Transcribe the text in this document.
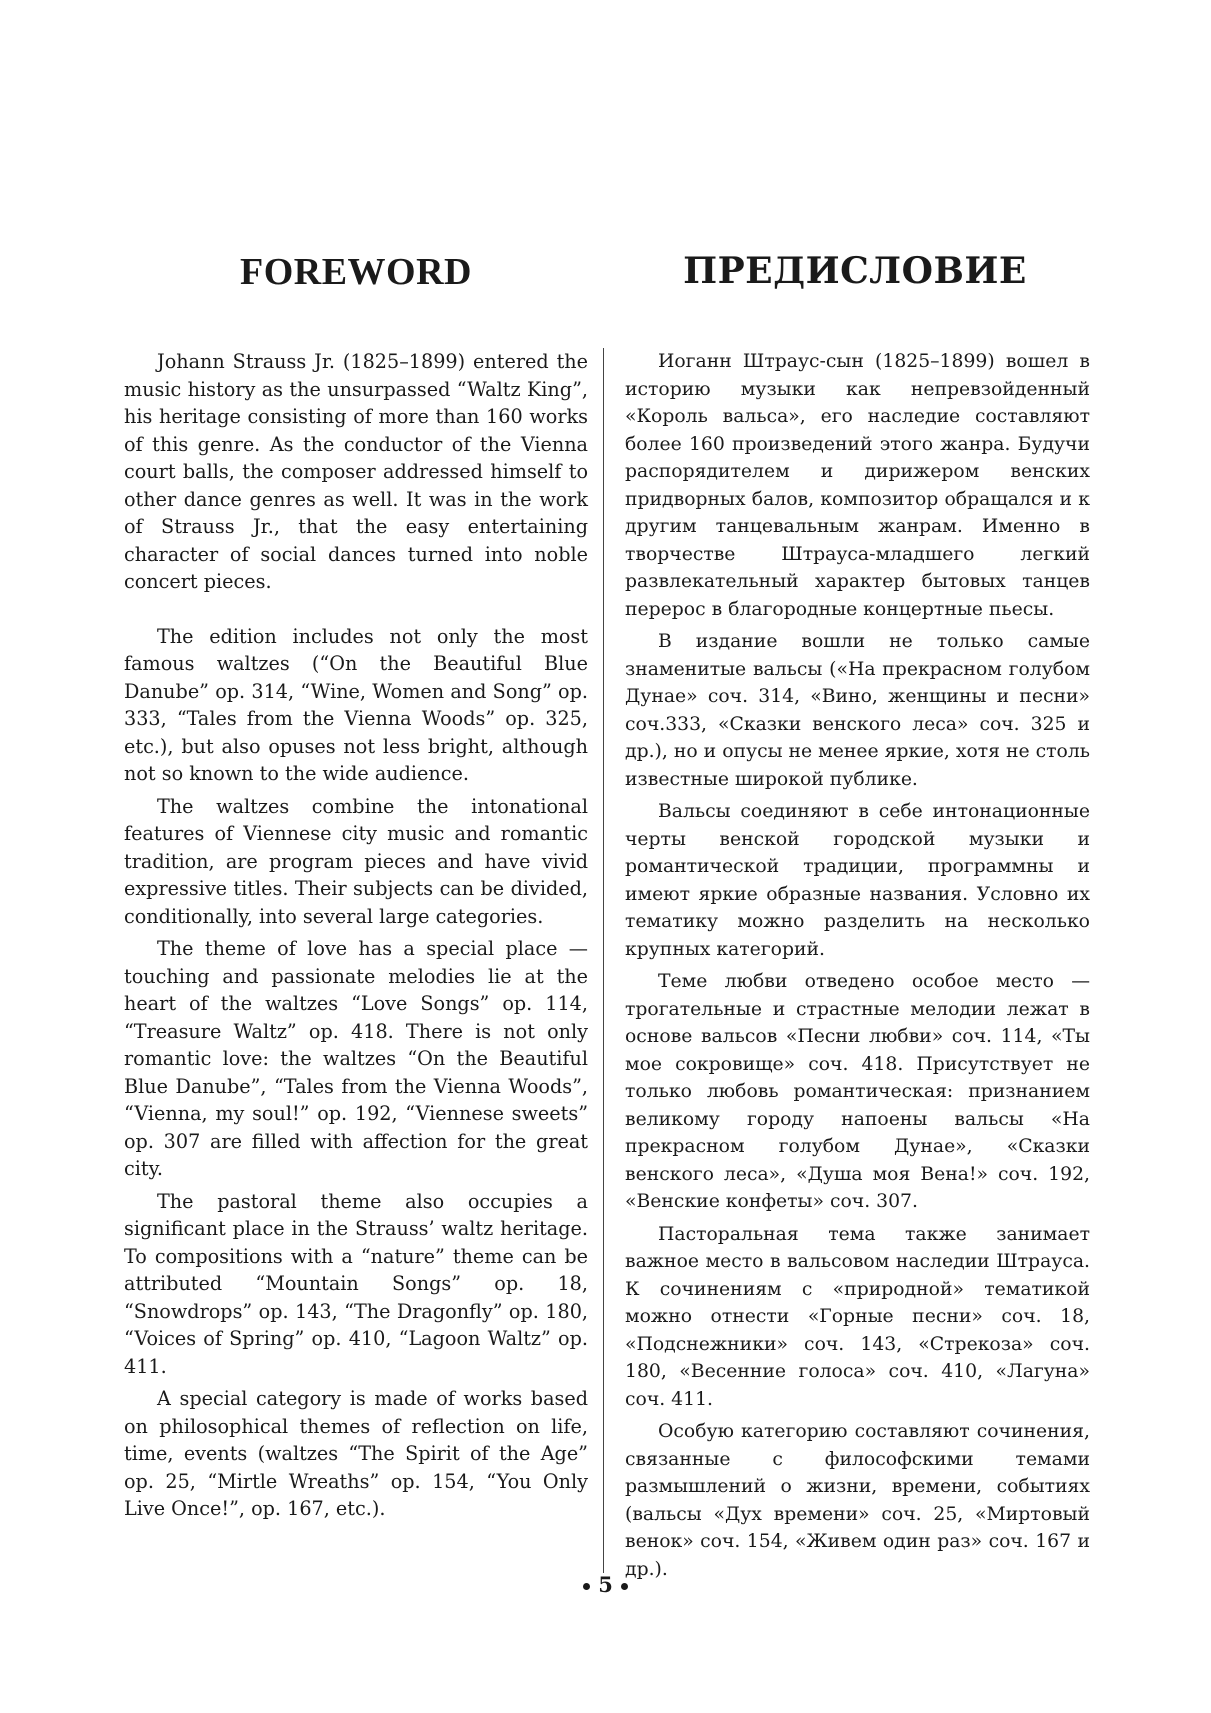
FOREWORD	ПРЕДИСЛОВИЕ

Johann Strauss Jr. (1825–1899) entered the music history as the unsurpassed “Waltz King”, his heritage consisting of more than 160 works of this genre. As the conductor of the Vienna court balls, the composer addressed himself to other dance genres as well. It was in the work of Strauss Jr., that the easy entertaining character of social dances turned into noble concert pieces.

The edition includes not only the most famous waltzes (“On the Beautiful Blue Danube” op. 314, “Wine, Women and Song” op. 333, “Tales from the Vienna Woods” op. 325, etc.), but also opuses not less bright, although not so known to the wide audience.

The waltzes combine the intonational features of Viennese city music and romantic tradition, are program pieces and have vivid expressive titles. Their subjects can be divided, conditionally, into several large categories.

The theme of love has a special place — touching and passionate melodies lie at the heart of the waltzes “Love Songs” op. 114, “Treasure Waltz” op. 418. There is not only romantic love: the waltzes “On the Beautiful Blue Danube”, “Tales from the Vienna Woods”, “Vienna, my soul!” op. 192, “Viennese sweets” op. 307 are filled with affection for the great city.

The pastoral theme also occupies a significant place in the Strauss’ waltz heritage. To compositions with a “nature” theme can be attributed “Mountain Songs” op. 18, “Snowdrops” op. 143, “The Dragonfly” op. 180, “Voices of Spring” op. 410, “Lagoon Waltz” op. 411.

A special category is made of works based on philosophical themes of reflection on life, time, events (waltzes “The Spirit of the Age” op. 25, “Mirtle Wreaths” op. 154, “You Only Live Once!”, op. 167, etc.).

Иоганн Штраус-сын (1825–1899) вошел в историю музыки как непревзойденный «Король вальса», его наследие составляют более 160 произведений этого жанра. Будучи распорядителем и дирижером венских придворных балов, композитор обращался и к другим танцевальным жанрам. Именно в творчестве Штрауса-младшего легкий развлекательный характер бытовых танцев перерос в благородные концертные пьесы.

В издание вошли не только самые знаменитые вальсы («На прекрасном голубом Дунае» соч. 314, «Вино, женщины и песни» соч.333, «Сказки венского леса» соч. 325 и др.), но и опусы не менее яркие, хотя не столь известные широкой публике.

Вальсы соединяют в себе интонационные черты венской городской музыки и романтической традиции, программны и имеют яркие образные названия. Условно их тематику можно разделить на несколько крупных категорий.

Теме любви отведено особое место — трогательные и страстные мелодии лежат в основе вальсов «Песни любви» соч. 114, «Ты мое сокровище» соч. 418. Присутствует не только любовь романтическая: признанием великому городу напоены вальсы «На прекрасном голубом Дунае», «Сказки венского леса», «Душа моя Вена!» соч. 192, «Венские конфеты» соч. 307.

Пасторальная тема также занимает важное место в вальсовом наследии Штрауса. К сочинениям с «природной» тематикой можно отнести «Горные песни» соч. 18, «Подснежники» соч. 143, «Стрекоза» соч. 180, «Весенние голоса» соч. 410, «Лагуна» соч. 411.

Особую категорию составляют сочинения, связанные с философскими темами размышлений о жизни, времени, событиях (вальсы «Дух времени» соч. 25, «Миртовый венок» соч. 154, «Живем один раз» соч. 167 и др.).

5
